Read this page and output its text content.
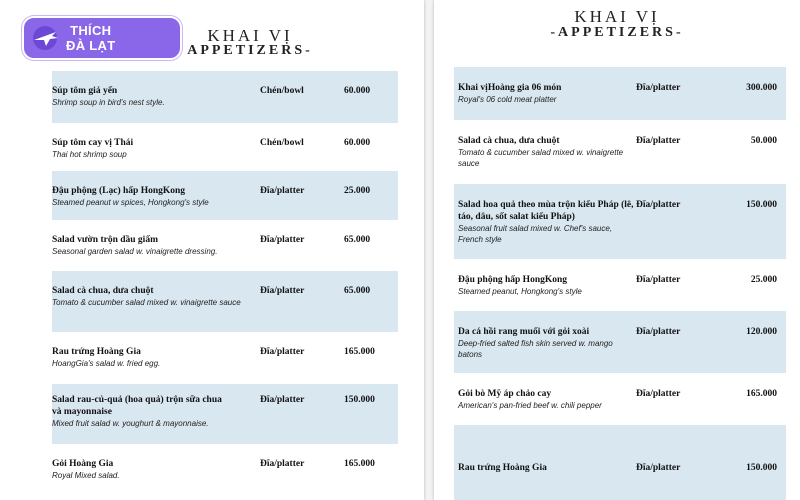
THÍCH
ĐÀ LẠT
KHAI VỊ
APPETIZERS-
Súp tôm giả yến
Shrimp soup in bird's nest style.
Chén/bowl	60.000
Súp tôm cay vị Thái
Thai hot shrimp soup
Chén/bowl	60.000
Đậu phộng (Lạc) hấp HongKong
Steamed peanut w spices, Hongkong's style
Đĩa/platter	25.000
Salad vườn trộn dầu giấm
Seasonal garden salad w. vinaigrette dressing.
Đĩa/platter	65.000
Salad cà chua, dưa chuột
Tomato & cucumber salad mixed w. vinaigrette sauce
Đĩa/platter	65.000
Rau trứng Hoàng Gia
HoangGia's salad w. fried egg.
Đĩa/platter	165.000
Salad rau-củ-quả (hoa quả) trộn sữa chua và mayonnaise
Mixed fruit salad w. youghurt & mayonnaise.
Đĩa/platter	150.000
Gỏi Hoàng Gia
Royal Mixed salad.
Đĩa/platter	165.000
KHAI VỊ
-APPETIZERS-
Khai vịHoàng gia 06 món
Royal's 06 cold meat platter
Đĩa/platter	300.000
Salad cà chua, dưa chuột
Tomato & cucumber salad mixed w. vinaigrette sauce
Đĩa/platter	50.000
Salad hoa quả theo mùa trộn kiểu Pháp (lê, táo, dâu, sốt salat kiểu Pháp)
Seasonal fruit salad mixed w. Chef's sauce, French style
Đĩa/platter	150.000
Đậu phộng hấp HongKong
Steamed peanut, Hongkong's style
Đĩa/platter	25.000
Da cá hồi rang muối với gỏi xoài
Deep-fried salted fish skin served w. mango batons
Đĩa/platter	120.000
Gỏi bò Mỹ áp chảo cay
American's pan-fried beef w. chili pepper
Đĩa/platter	165.000
Rau trứng Hoàng Gia	Đĩa/platter	150.000
